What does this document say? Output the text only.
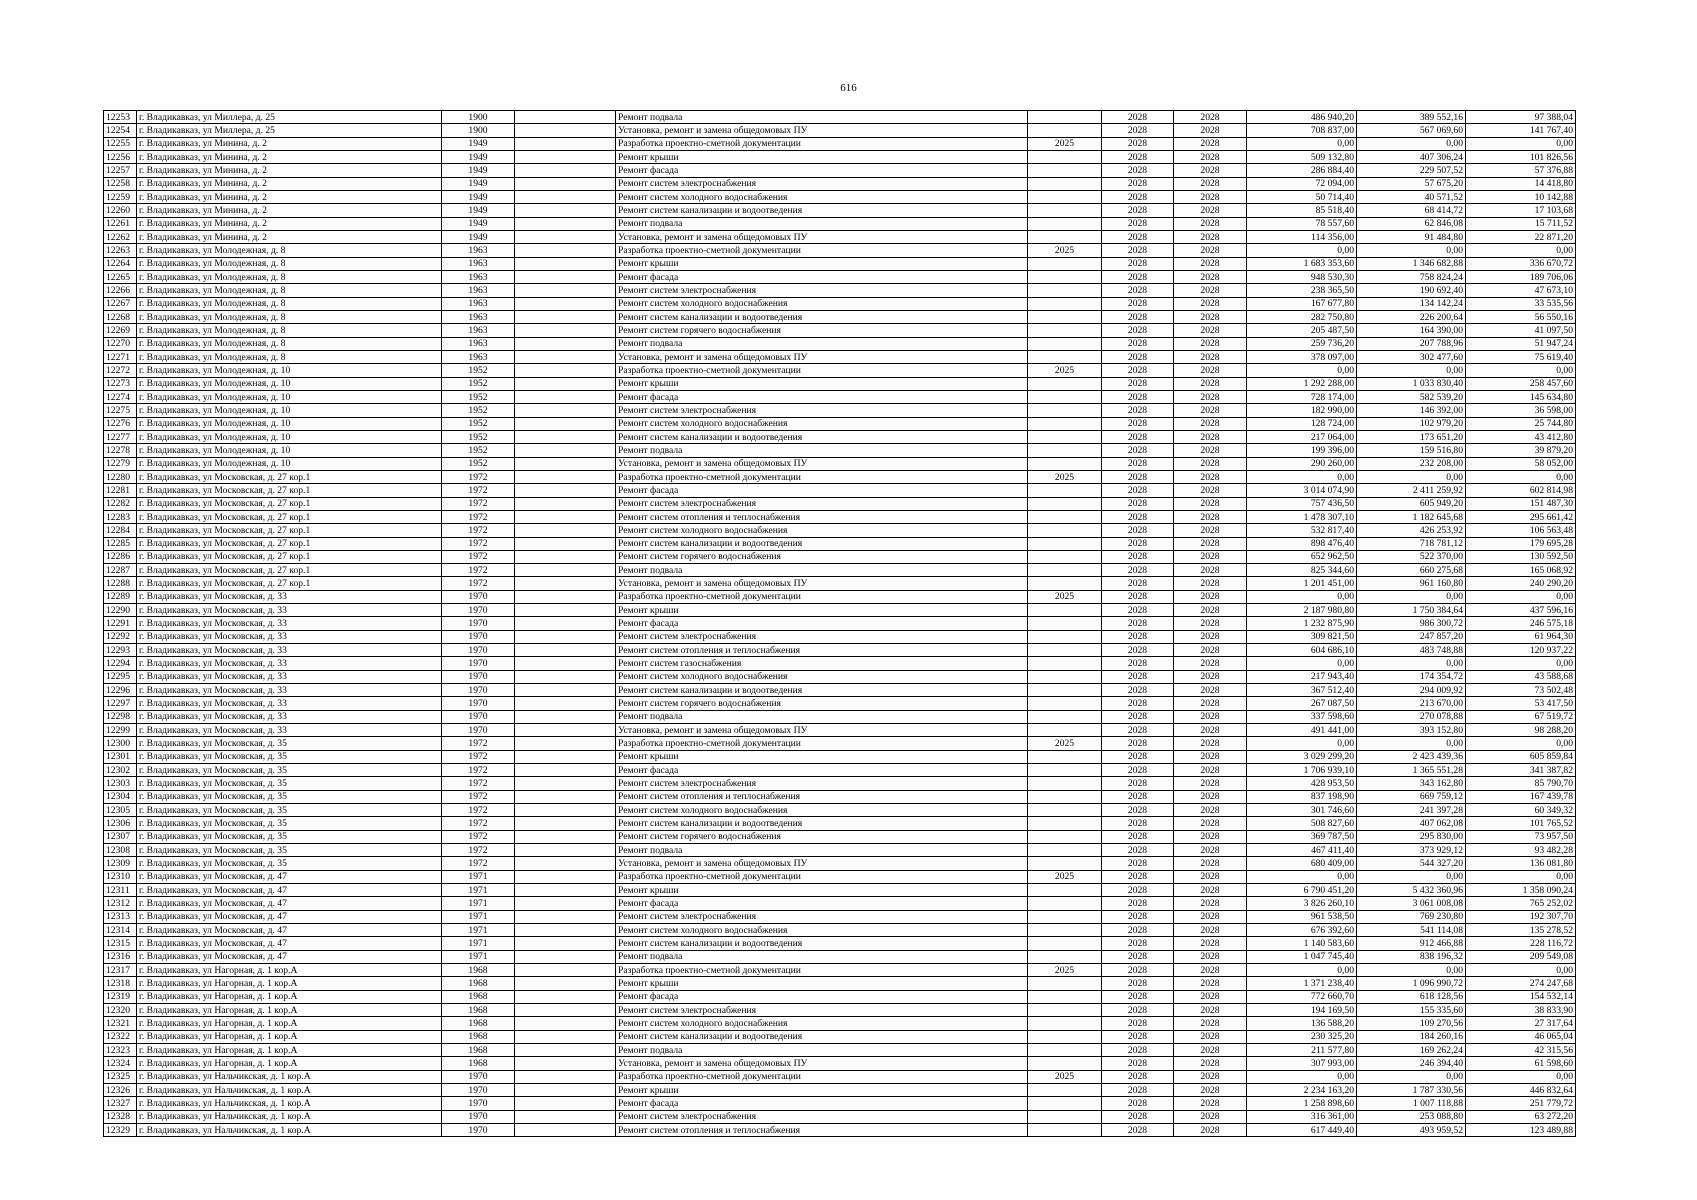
616
12253	г. Владикавказ, ул Миллера, д. 25	1900		Ремонт подвала		2028	2028	486 940,20	389 552,16	97 388,04
12254	г. Владикавказ, ул Миллера, д. 25	1900		Установка, ремонт и замена общедомовых ПУ		2028	2028	708 837,00	567 069,60	141 767,40
12255	г. Владикавказ, ул Минина, д. 2	1949		Разработка проектно-сметной документации	2025	2028	2028	0,00	0,00	0,00
12256	г. Владикавказ, ул Минина, д. 2	1949		Ремонт крыши		2028	2028	509 132,80	407 306,24	101 826,56
12257	г. Владикавказ, ул Минина, д. 2	1949		Ремонт фасада		2028	2028	286 884,40	229 507,52	57 376,88
12258	г. Владикавказ, ул Минина, д. 2	1949		Ремонт систем электроснабжения		2028	2028	72 094,00	57 675,20	14 418,80
12259	г. Владикавказ, ул Минина, д. 2	1949		Ремонт систем холодного водоснабжения		2028	2028	50 714,40	40 571,52	10 142,88
12260	г. Владикавказ, ул Минина, д. 2	1949		Ремонт систем канализации и водоотведения		2028	2028	85 518,40	68 414,72	17 103,68
12261	г. Владикавказ, ул Минина, д. 2	1949		Ремонт подвала		2028	2028	78 557,60	62 846,08	15 711,52
12262	г. Владикавказ, ул Минина, д. 2	1949		Установка, ремонт и замена общедомовых ПУ		2028	2028	114 356,00	91 484,80	22 871,20
12263	г. Владикавказ, ул Молодежная, д. 8	1963		Разработка проектно-сметной документации	2025	2028	2028	0,00	0,00	0,00
12264	г. Владикавказ, ул Молодежная, д. 8	1963		Ремонт крыши		2028	2028	1 683 353,60	1 346 682,88	336 670,72
12265	г. Владикавказ, ул Молодежная, д. 8	1963		Ремонт фасада		2028	2028	948 530,30	758 824,24	189 706,06
12266	г. Владикавказ, ул Молодежная, д. 8	1963		Ремонт систем электроснабжения		2028	2028	238 365,50	190 692,40	47 673,10
12267	г. Владикавказ, ул Молодежная, д. 8	1963		Ремонт систем холодного водоснабжения		2028	2028	167 677,80	134 142,24	33 535,56
12268	г. Владикавказ, ул Молодежная, д. 8	1963		Ремонт систем канализации и водоотведения		2028	2028	282 750,80	226 200,64	56 550,16
12269	г. Владикавказ, ул Молодежная, д. 8	1963		Ремонт систем горячего водоснабжения		2028	2028	205 487,50	164 390,00	41 097,50
12270	г. Владикавказ, ул Молодежная, д. 8	1963		Ремонт подвала		2028	2028	259 736,20	207 788,96	51 947,24
12271	г. Владикавказ, ул Молодежная, д. 8	1963		Установка, ремонт и замена общедомовых ПУ		2028	2028	378 097,00	302 477,60	75 619,40
12272	г. Владикавказ, ул Молодежная, д. 10	1952		Разработка проектно-сметной документации	2025	2028	2028	0,00	0,00	0,00
12273	г. Владикавказ, ул Молодежная, д. 10	1952		Ремонт крыши		2028	2028	1 292 288,00	1 033 830,40	258 457,60
12274	г. Владикавказ, ул Молодежная, д. 10	1952		Ремонт фасада		2028	2028	728 174,00	582 539,20	145 634,80
12275	г. Владикавказ, ул Молодежная, д. 10	1952		Ремонт систем электроснабжения		2028	2028	182 990,00	146 392,00	36 598,00
12276	г. Владикавказ, ул Молодежная, д. 10	1952		Ремонт систем холодного водоснабжения		2028	2028	128 724,00	102 979,20	25 744,80
12277	г. Владикавказ, ул Молодежная, д. 10	1952		Ремонт систем канализации и водоотведения		2028	2028	217 064,00	173 651,20	43 412,80
12278	г. Владикавказ, ул Молодежная, д. 10	1952		Ремонт подвала		2028	2028	199 396,00	159 516,80	39 879,20
12279	г. Владикавказ, ул Молодежная, д. 10	1952		Установка, ремонт и замена общедомовых ПУ		2028	2028	290 260,00	232 208,00	58 052,00
12280	г. Владикавказ, ул Московская, д. 27 кор.1	1972		Разработка проектно-сметной документации	2025	2028	2028	0,00	0,00	0,00
12281	г. Владикавказ, ул Московская, д. 27 кор.1	1972		Ремонт фасада		2028	2028	3 014 074,90	2 411 259,92	602 814,98
12282	г. Владикавказ, ул Московская, д. 27 кор.1	1972		Ремонт систем электроснабжения		2028	2028	757 436,50	605 949,20	151 487,30
12283	г. Владикавказ, ул Московская, д. 27 кор.1	1972		Ремонт систем отопления и теплоснабжения		2028	2028	1 478 307,10	1 182 645,68	295 661,42
12284	г. Владикавказ, ул Московская, д. 27 кор.1	1972		Ремонт систем холодного водоснабжения		2028	2028	532 817,40	426 253,92	106 563,48
12285	г. Владикавказ, ул Московская, д. 27 кор.1	1972		Ремонт систем канализации и водоотведения		2028	2028	898 476,40	718 781,12	179 695,28
12286	г. Владикавказ, ул Московская, д. 27 кор.1	1972		Ремонт систем горячего водоснабжения		2028	2028	652 962,50	522 370,00	130 592,50
12287	г. Владикавказ, ул Московская, д. 27 кор.1	1972		Ремонт подвала		2028	2028	825 344,60	660 275,68	165 068,92
12288	г. Владикавказ, ул Московская, д. 27 кор.1	1972		Установка, ремонт и замена общедомовых ПУ		2028	2028	1 201 451,00	961 160,80	240 290,20
12289	г. Владикавказ, ул Московская, д. 33	1970		Разработка проектно-сметной документации	2025	2028	2028	0,00	0,00	0,00
12290	г. Владикавказ, ул Московская, д. 33	1970		Ремонт крыши		2028	2028	2 187 980,80	1 750 384,64	437 596,16
12291	г. Владикавказ, ул Московская, д. 33	1970		Ремонт фасада		2028	2028	1 232 875,90	986 300,72	246 575,18
12292	г. Владикавказ, ул Московская, д. 33	1970		Ремонт систем электроснабжения		2028	2028	309 821,50	247 857,20	61 964,30
12293	г. Владикавказ, ул Московская, д. 33	1970		Ремонт систем отопления и теплоснабжения		2028	2028	604 686,10	483 748,88	120 937,22
12294	г. Владикавказ, ул Московская, д. 33	1970		Ремонт систем газоснабжения		2028	2028	0,00	0,00	0,00
12295	г. Владикавказ, ул Московская, д. 33	1970		Ремонт систем холодного водоснабжения		2028	2028	217 943,40	174 354,72	43 588,68
12296	г. Владикавказ, ул Московская, д. 33	1970		Ремонт систем канализации и водоотведения		2028	2028	367 512,40	294 009,92	73 502,48
12297	г. Владикавказ, ул Московская, д. 33	1970		Ремонт систем горячего водоснабжения		2028	2028	267 087,50	213 670,00	53 417,50
12298	г. Владикавказ, ул Московская, д. 33	1970		Ремонт подвала		2028	2028	337 598,60	270 078,88	67 519,72
12299	г. Владикавказ, ул Московская, д. 33	1970		Установка, ремонт и замена общедомовых ПУ		2028	2028	491 441,00	393 152,80	98 288,20
12300	г. Владикавказ, ул Московская, д. 35	1972		Разработка проектно-сметной документации	2025	2028	2028	0,00	0,00	0,00
12301	г. Владикавказ, ул Московская, д. 35	1972		Ремонт крыши		2028	2028	3 029 299,20	2 423 439,36	605 859,84
12302	г. Владикавказ, ул Московская, д. 35	1972		Ремонт фасада		2028	2028	1 706 939,10	1 365 551,28	341 387,82
12303	г. Владикавказ, ул Московская, д. 35	1972		Ремонт систем электроснабжения		2028	2028	428 953,50	343 162,80	85 790,70
12304	г. Владикавказ, ул Московская, д. 35	1972		Ремонт систем отопления и теплоснабжения		2028	2028	837 198,90	669 759,12	167 439,78
12305	г. Владикавказ, ул Московская, д. 35	1972		Ремонт систем холодного водоснабжения		2028	2028	301 746,60	241 397,28	60 349,32
12306	г. Владикавказ, ул Московская, д. 35	1972		Ремонт систем канализации и водоотведения		2028	2028	508 827,60	407 062,08	101 765,52
12307	г. Владикавказ, ул Московская, д. 35	1972		Ремонт систем горячего водоснабжения		2028	2028	369 787,50	295 830,00	73 957,50
12308	г. Владикавказ, ул Московская, д. 35	1972		Ремонт подвала		2028	2028	467 411,40	373 929,12	93 482,28
12309	г. Владикавказ, ул Московская, д. 35	1972		Установка, ремонт и замена общедомовых ПУ		2028	2028	680 409,00	544 327,20	136 081,80
12310	г. Владикавказ, ул Московская, д. 47	1971		Разработка проектно-сметной документации	2025	2028	2028	0,00	0,00	0,00
12311	г. Владикавказ, ул Московская, д. 47	1971		Ремонт крыши		2028	2028	6 790 451,20	5 432 360,96	1 358 090,24
12312	г. Владикавказ, ул Московская, д. 47	1971		Ремонт фасада		2028	2028	3 826 260,10	3 061 008,08	765 252,02
12313	г. Владикавказ, ул Московская, д. 47	1971		Ремонт систем электроснабжения		2028	2028	961 538,50	769 230,80	192 307,70
12314	г. Владикавказ, ул Московская, д. 47	1971		Ремонт систем холодного водоснабжения		2028	2028	676 392,60	541 114,08	135 278,52
12315	г. Владикавказ, ул Московская, д. 47	1971		Ремонт систем канализации и водоотведения		2028	2028	1 140 583,60	912 466,88	228 116,72
12316	г. Владикавказ, ул Московская, д. 47	1971		Ремонт подвала		2028	2028	1 047 745,40	838 196,32	209 549,08
12317	г. Владикавказ, ул Нагорная, д. 1 кор.А	1968		Разработка проектно-сметной документации	2025	2028	2028	0,00	0,00	0,00
12318	г. Владикавказ, ул Нагорная, д. 1 кор.А	1968		Ремонт крыши		2028	2028	1 371 238,40	1 096 990,72	274 247,68
12319	г. Владикавказ, ул Нагорная, д. 1 кор.А	1968		Ремонт фасада		2028	2028	772 660,70	618 128,56	154 532,14
12320	г. Владикавказ, ул Нагорная, д. 1 кор.А	1968		Ремонт систем электроснабжения		2028	2028	194 169,50	155 335,60	38 833,90
12321	г. Владикавказ, ул Нагорная, д. 1 кор.А	1968		Ремонт систем холодного водоснабжения		2028	2028	136 588,20	109 270,56	27 317,64
12322	г. Владикавказ, ул Нагорная, д. 1 кор.А	1968		Ремонт систем канализации и водоотведения		2028	2028	230 325,20	184 260,16	46 065,04
12323	г. Владикавказ, ул Нагорная, д. 1 кор.А	1968		Ремонт подвала		2028	2028	211 577,80	169 262,24	42 315,56
12324	г. Владикавказ, ул Нагорная, д. 1 кор.А	1968		Установка, ремонт и замена общедомовых ПУ		2028	2028	307 993,00	246 394,40	61 598,60
12325	г. Владикавказ, ул Нальчикская, д. 1 кор.А	1970		Разработка проектно-сметной документации	2025	2028	2028	0,00	0,00	0,00
12326	г. Владикавказ, ул Нальчикская, д. 1 кор.А	1970		Ремонт крыши		2028	2028	2 234 163,20	1 787 330,56	446 832,64
12327	г. Владикавказ, ул Нальчикская, д. 1 кор.А	1970		Ремонт фасада		2028	2028	1 258 898,60	1 007 118,88	251 779,72
12328	г. Владикавказ, ул Нальчикская, д. 1 кор.А	1970		Ремонт систем электроснабжения		2028	2028	316 361,00	253 088,80	63 272,20
12329	г. Владикавказ, ул Нальчикская, д. 1 кор.А	1970		Ремонт систем отопления и теплоснабжения		2028	2028	617 449,40	493 959,52	123 489,88
